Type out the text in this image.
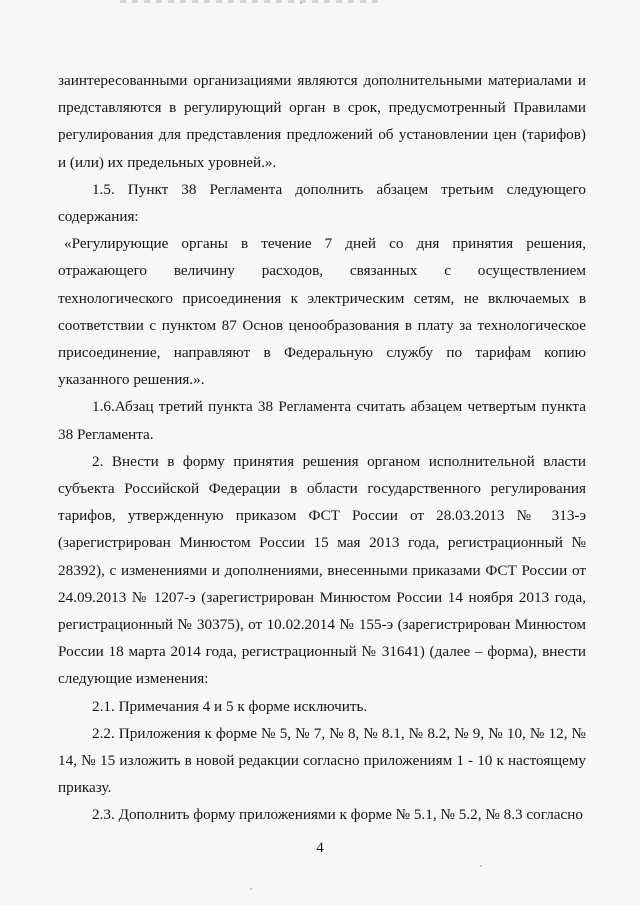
заинтересованными организациями являются дополнительными материалами и представляются в регулирующий орган в срок, предусмотренный Правилами регулирования для представления предложений об установлении цен (тарифов) и (или) их предельных уровней.».

1.5. Пункт 38 Регламента дополнить абзацем третьим следующего содержания:

«Регулирующие органы в течение 7 дней со дня принятия решения, отражающего величину расходов, связанных с осуществлением технологического присоединения к электрическим сетям, не включаемых в соответствии с пунктом 87 Основ ценообразования в плату за технологическое присоединение, направляют в Федеральную службу по тарифам копию указанного решения.».

1.6.Абзац третий пункта 38 Регламента считать абзацем четвертым пункта 38 Регламента.

2. Внести в форму принятия решения органом исполнительной власти субъекта Российской Федерации в области государственного регулирования тарифов, утвержденную приказом ФСТ России от 28.03.2013 № 313-э (зарегистрирован Минюстом России 15 мая 2013 года, регистрационный № 28392), с изменениями и дополнениями, внесенными приказами ФСТ России от 24.09.2013 № 1207-э (зарегистрирован Минюстом России 14 ноября 2013 года, регистрационный № 30375), от 10.02.2014 № 155-э (зарегистрирован Минюстом России 18 марта 2014 года, регистрационный № 31641) (далее – форма), внести следующие изменения:

2.1. Примечания 4 и 5 к форме исключить.

2.2. Приложения к форме № 5, № 7, № 8, № 8.1, № 8.2, № 9, № 10, № 12, № 14, № 15 изложить в новой редакции согласно приложениям 1 - 10 к настоящему приказу.

2.3. Дополнить форму приложениями к форме № 5.1, № 5.2, № 8.3 согласно

4
